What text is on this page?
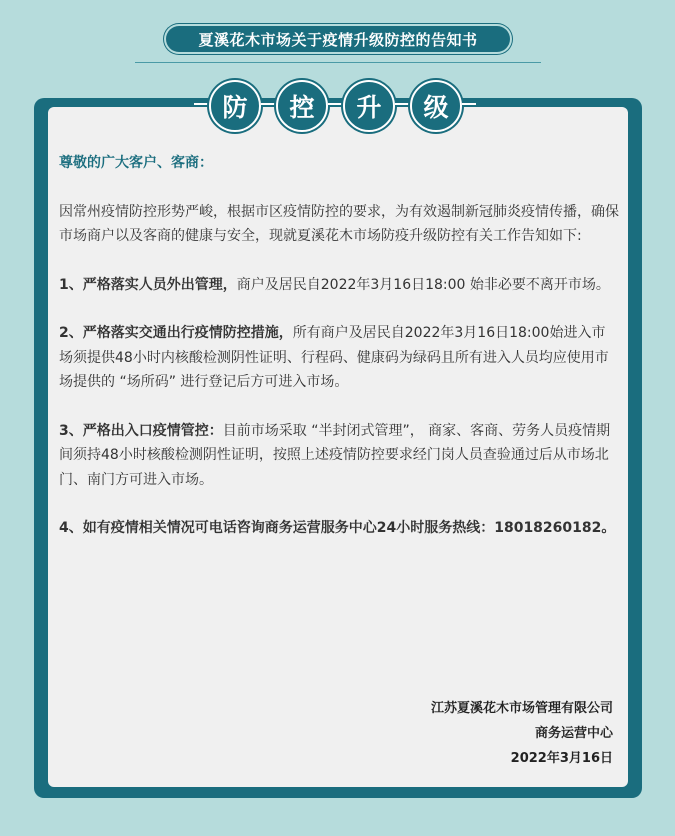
夏溪花木市场关于疫情升级防控的告知书
防	控	升	级

尊敬的广大客户、客商：

因常州疫情防控形势严峻，根据市区疫情防控的要求，为有效遏制新冠肺炎疫情传播，确保市场商户以及客商的健康与安全，现就夏溪花木市场防疫升级防控有关工作告知如下:

1、严格落实人员外出管理，商户及居民自2022年3月16日18:00 始非必要不离开市场。

2、严格落实交通出行疫情防控措施，所有商户及居民自2022年3月16日18:00始进入市场须提供48小时内核酸检测阴性证明、行程码、健康码为绿码且所有进入人员均应使用市场提供的 “场所码” 进行登记后方可进入市场。

3、严格出入口疫情管控：目前市场采取 “半封闭式管理”， 商家、客商、劳务人员疫情期间须持48小时核酸检测阴性证明，按照上述疫情防控要求经门岗人员查验通过后从市场北门、南门方可进入市场。

4、如有疫情相关情况可电话咨询商务运营服务中心24小时服务热线：18018260182。

江苏夏溪花木市场管理有限公司
商务运营中心
2022年3月16日
